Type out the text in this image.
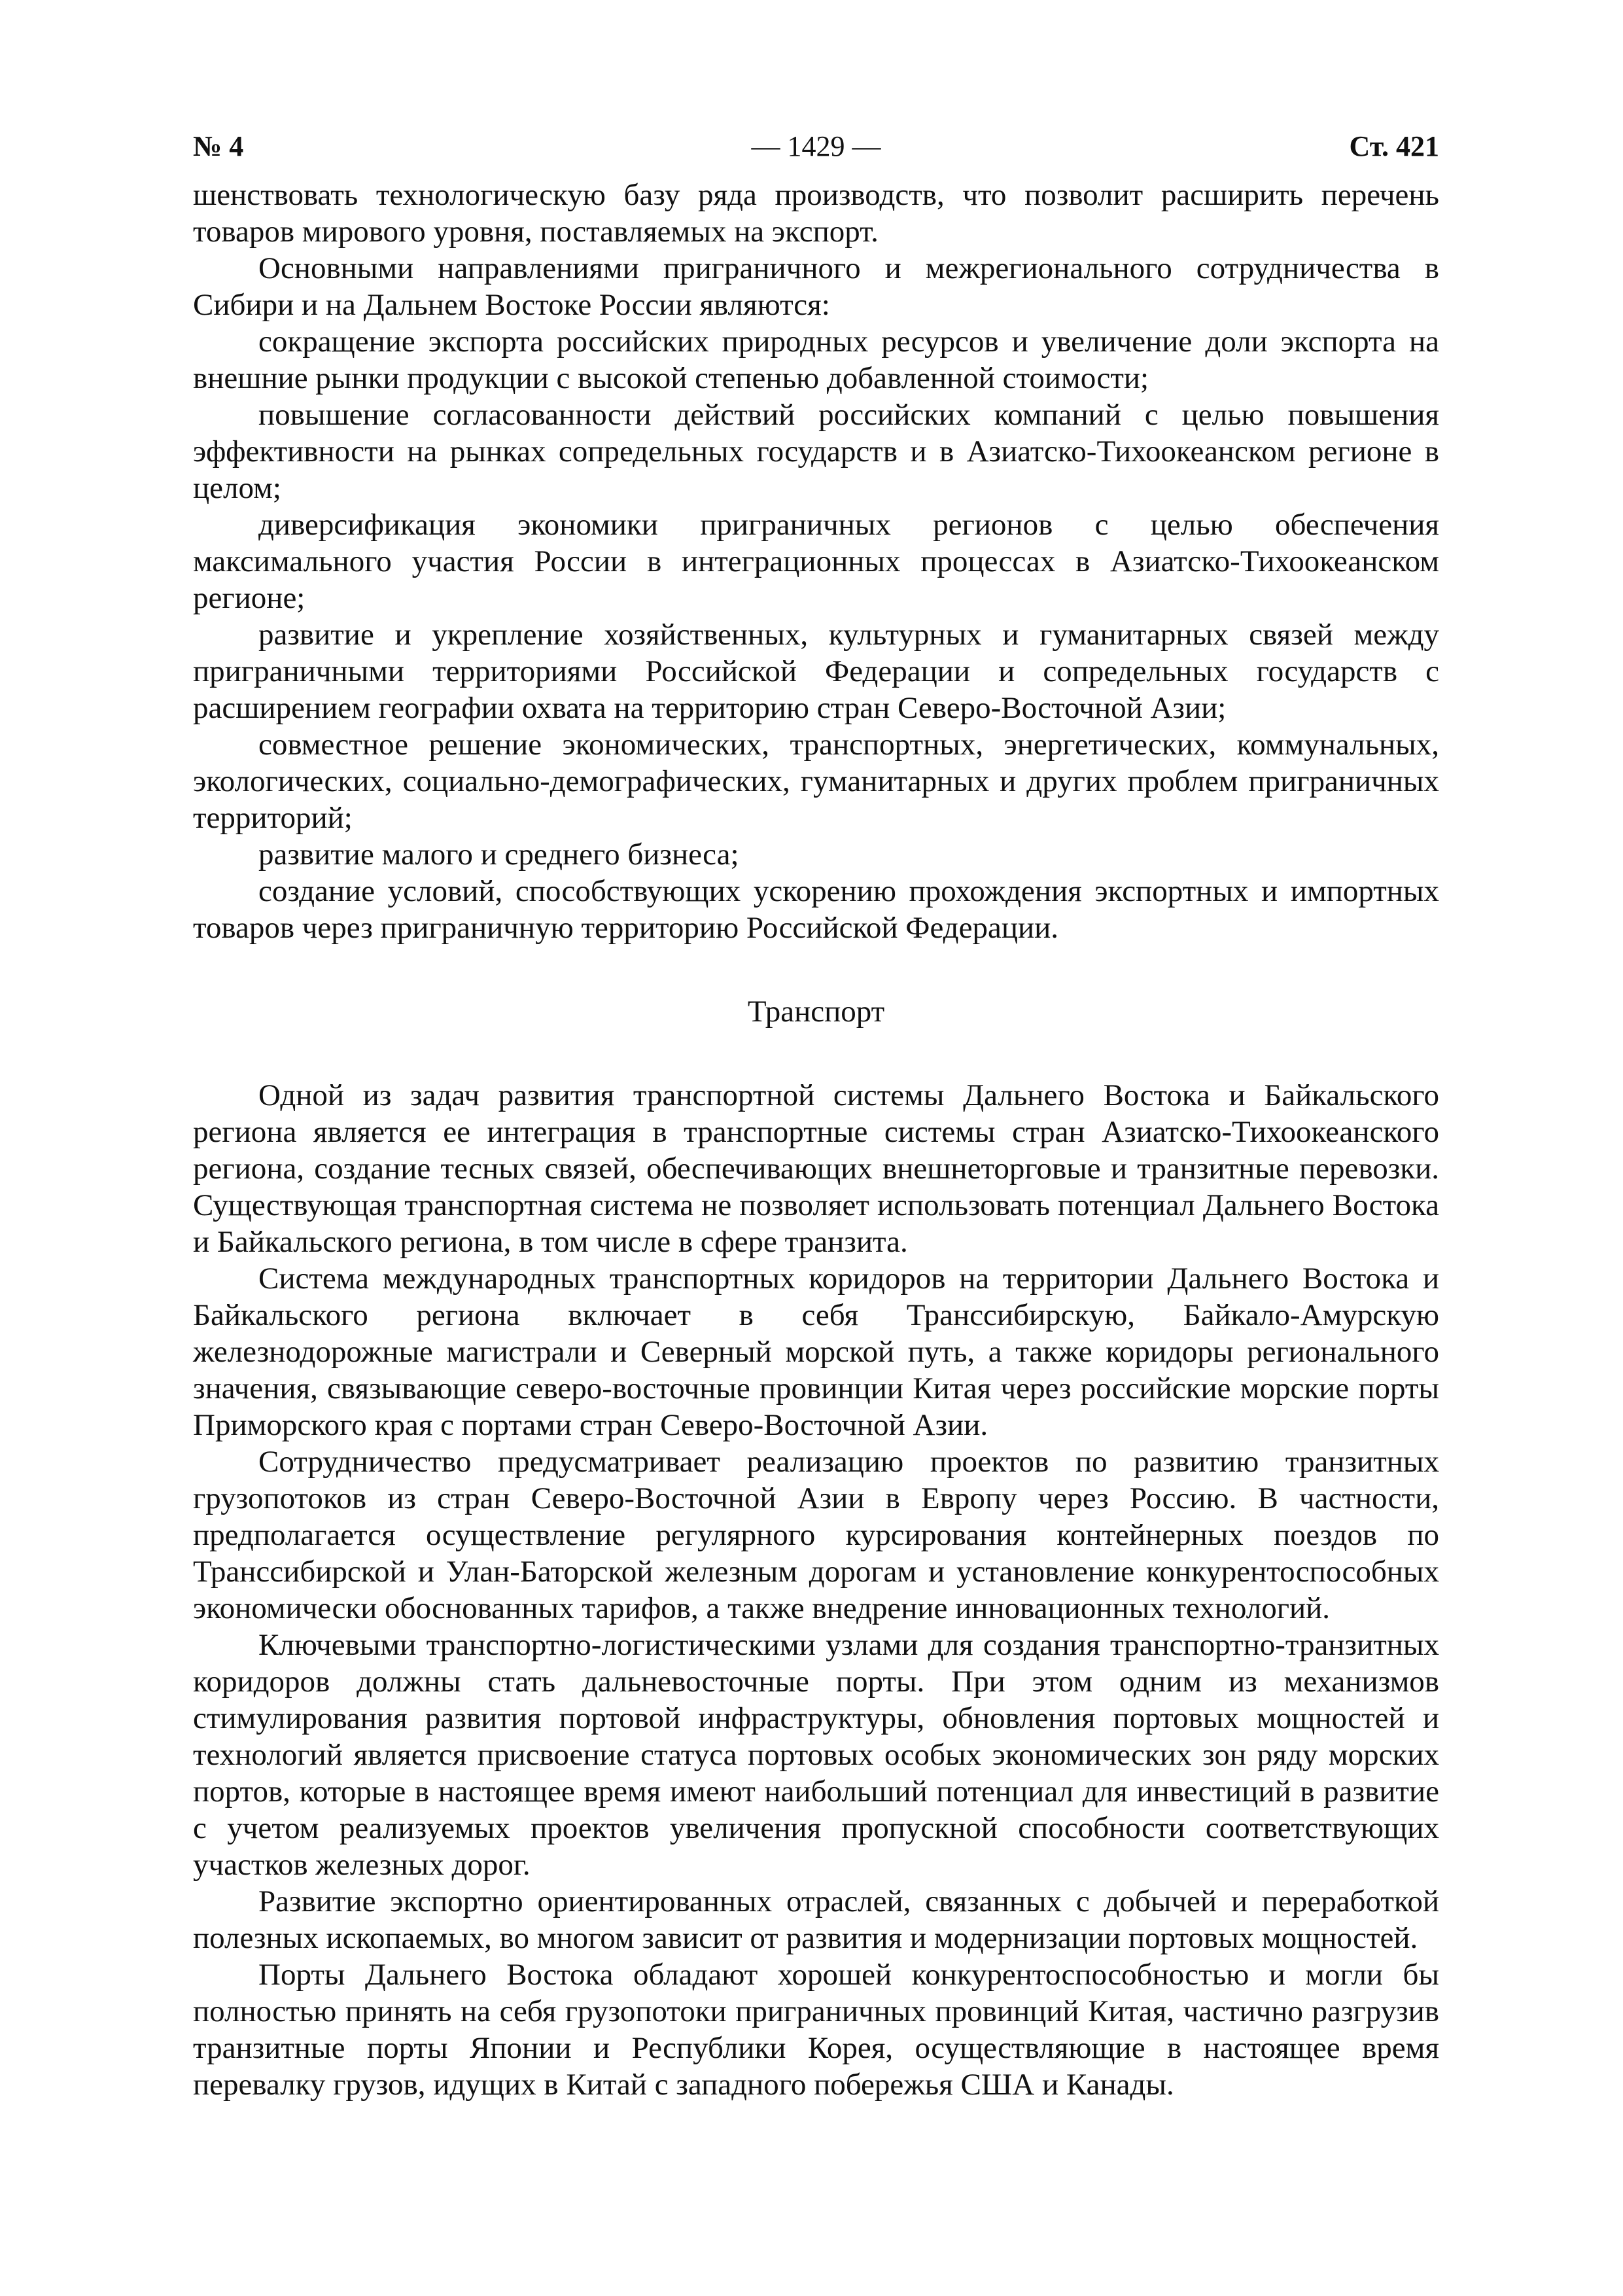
— 1429 —
№ 4	Ст. 421

шенствовать технологическую базу ряда производств, что позволит расширить перечень товаров мирового уровня, поставляемых на экспорт.

Основными направлениями приграничного и межрегионального сотрудничества в Сибири и на Дальнем Востоке России являются:

сокращение экспорта российских природных ресурсов и увеличение доли экспорта на внешние рынки продукции с высокой степенью добавленной стоимости;

повышение согласованности действий российских компаний с целью повышения эффективности на рынках сопредельных государств и в Азиатско-Тихоокеанском регионе в целом;

диверсификация экономики приграничных регионов с целью обеспечения максимального участия России в интеграционных процессах в Азиатско-Тихоокеанском регионе;

развитие и укрепление хозяйственных, культурных и гуманитарных связей между приграничными территориями Российской Федерации и сопредельных государств с расширением географии охвата на территорию стран Северо-Восточной Азии;

совместное решение экономических, транспортных, энергетических, коммунальных, экологических, социально-демографических, гуманитарных и других проблем приграничных территорий;

развитие малого и среднего бизнеса;

создание условий, способствующих ускорению прохождения экспортных и импортных товаров через приграничную территорию Российской Федерации.

Транспорт

Одной из задач развития транспортной системы Дальнего Востока и Байкальского региона является ее интеграция в транспортные системы стран Азиатско-Тихоокеанского региона, создание тесных связей, обеспечивающих внешнеторговые и транзитные перевозки. Существующая транспортная система не позволяет использовать потенциал Дальнего Востока и Байкальского региона, в том числе в сфере транзита.

Система международных транспортных коридоров на территории Дальнего Востока и Байкальского региона включает в себя Транссибирскую, Байкало-Амурскую железнодорожные магистрали и Северный морской путь, а также коридоры регионального значения, связывающие северо-восточные провинции Китая через российские морские порты Приморского края с портами стран Северо-Восточной Азии.

Сотрудничество предусматривает реализацию проектов по развитию транзитных грузопотоков из стран Северо-Восточной Азии в Европу через Россию. В частности, предполагается осуществление регулярного курсирования контейнерных поездов по Транссибирской и Улан-Баторской железным дорогам и установление конкурентоспособных экономически обоснованных тарифов, а также внедрение инновационных технологий.

Ключевыми транспортно-логистическими узлами для создания транспортно-транзитных коридоров должны стать дальневосточные порты. При этом одним из механизмов стимулирования развития портовой инфраструктуры, обновления портовых мощностей и технологий является присвоение статуса портовых особых экономических зон ряду морских портов, которые в настоящее время имеют наибольший потенциал для инвестиций в развитие с учетом реализуемых проектов увеличения пропускной способности соответствующих участков железных дорог.

Развитие экспортно ориентированных отраслей, связанных с добычей и переработкой полезных ископаемых, во многом зависит от развития и модернизации портовых мощностей.

Порты Дальнего Востока обладают хорошей конкурентоспособностью и могли бы полностью принять на себя грузопотоки приграничных провинций Китая, частично разгрузив транзитные порты Японии и Республики Корея, осуществляющие в настоящее время перевалку грузов, идущих в Китай с западного побережья США и Канады.
